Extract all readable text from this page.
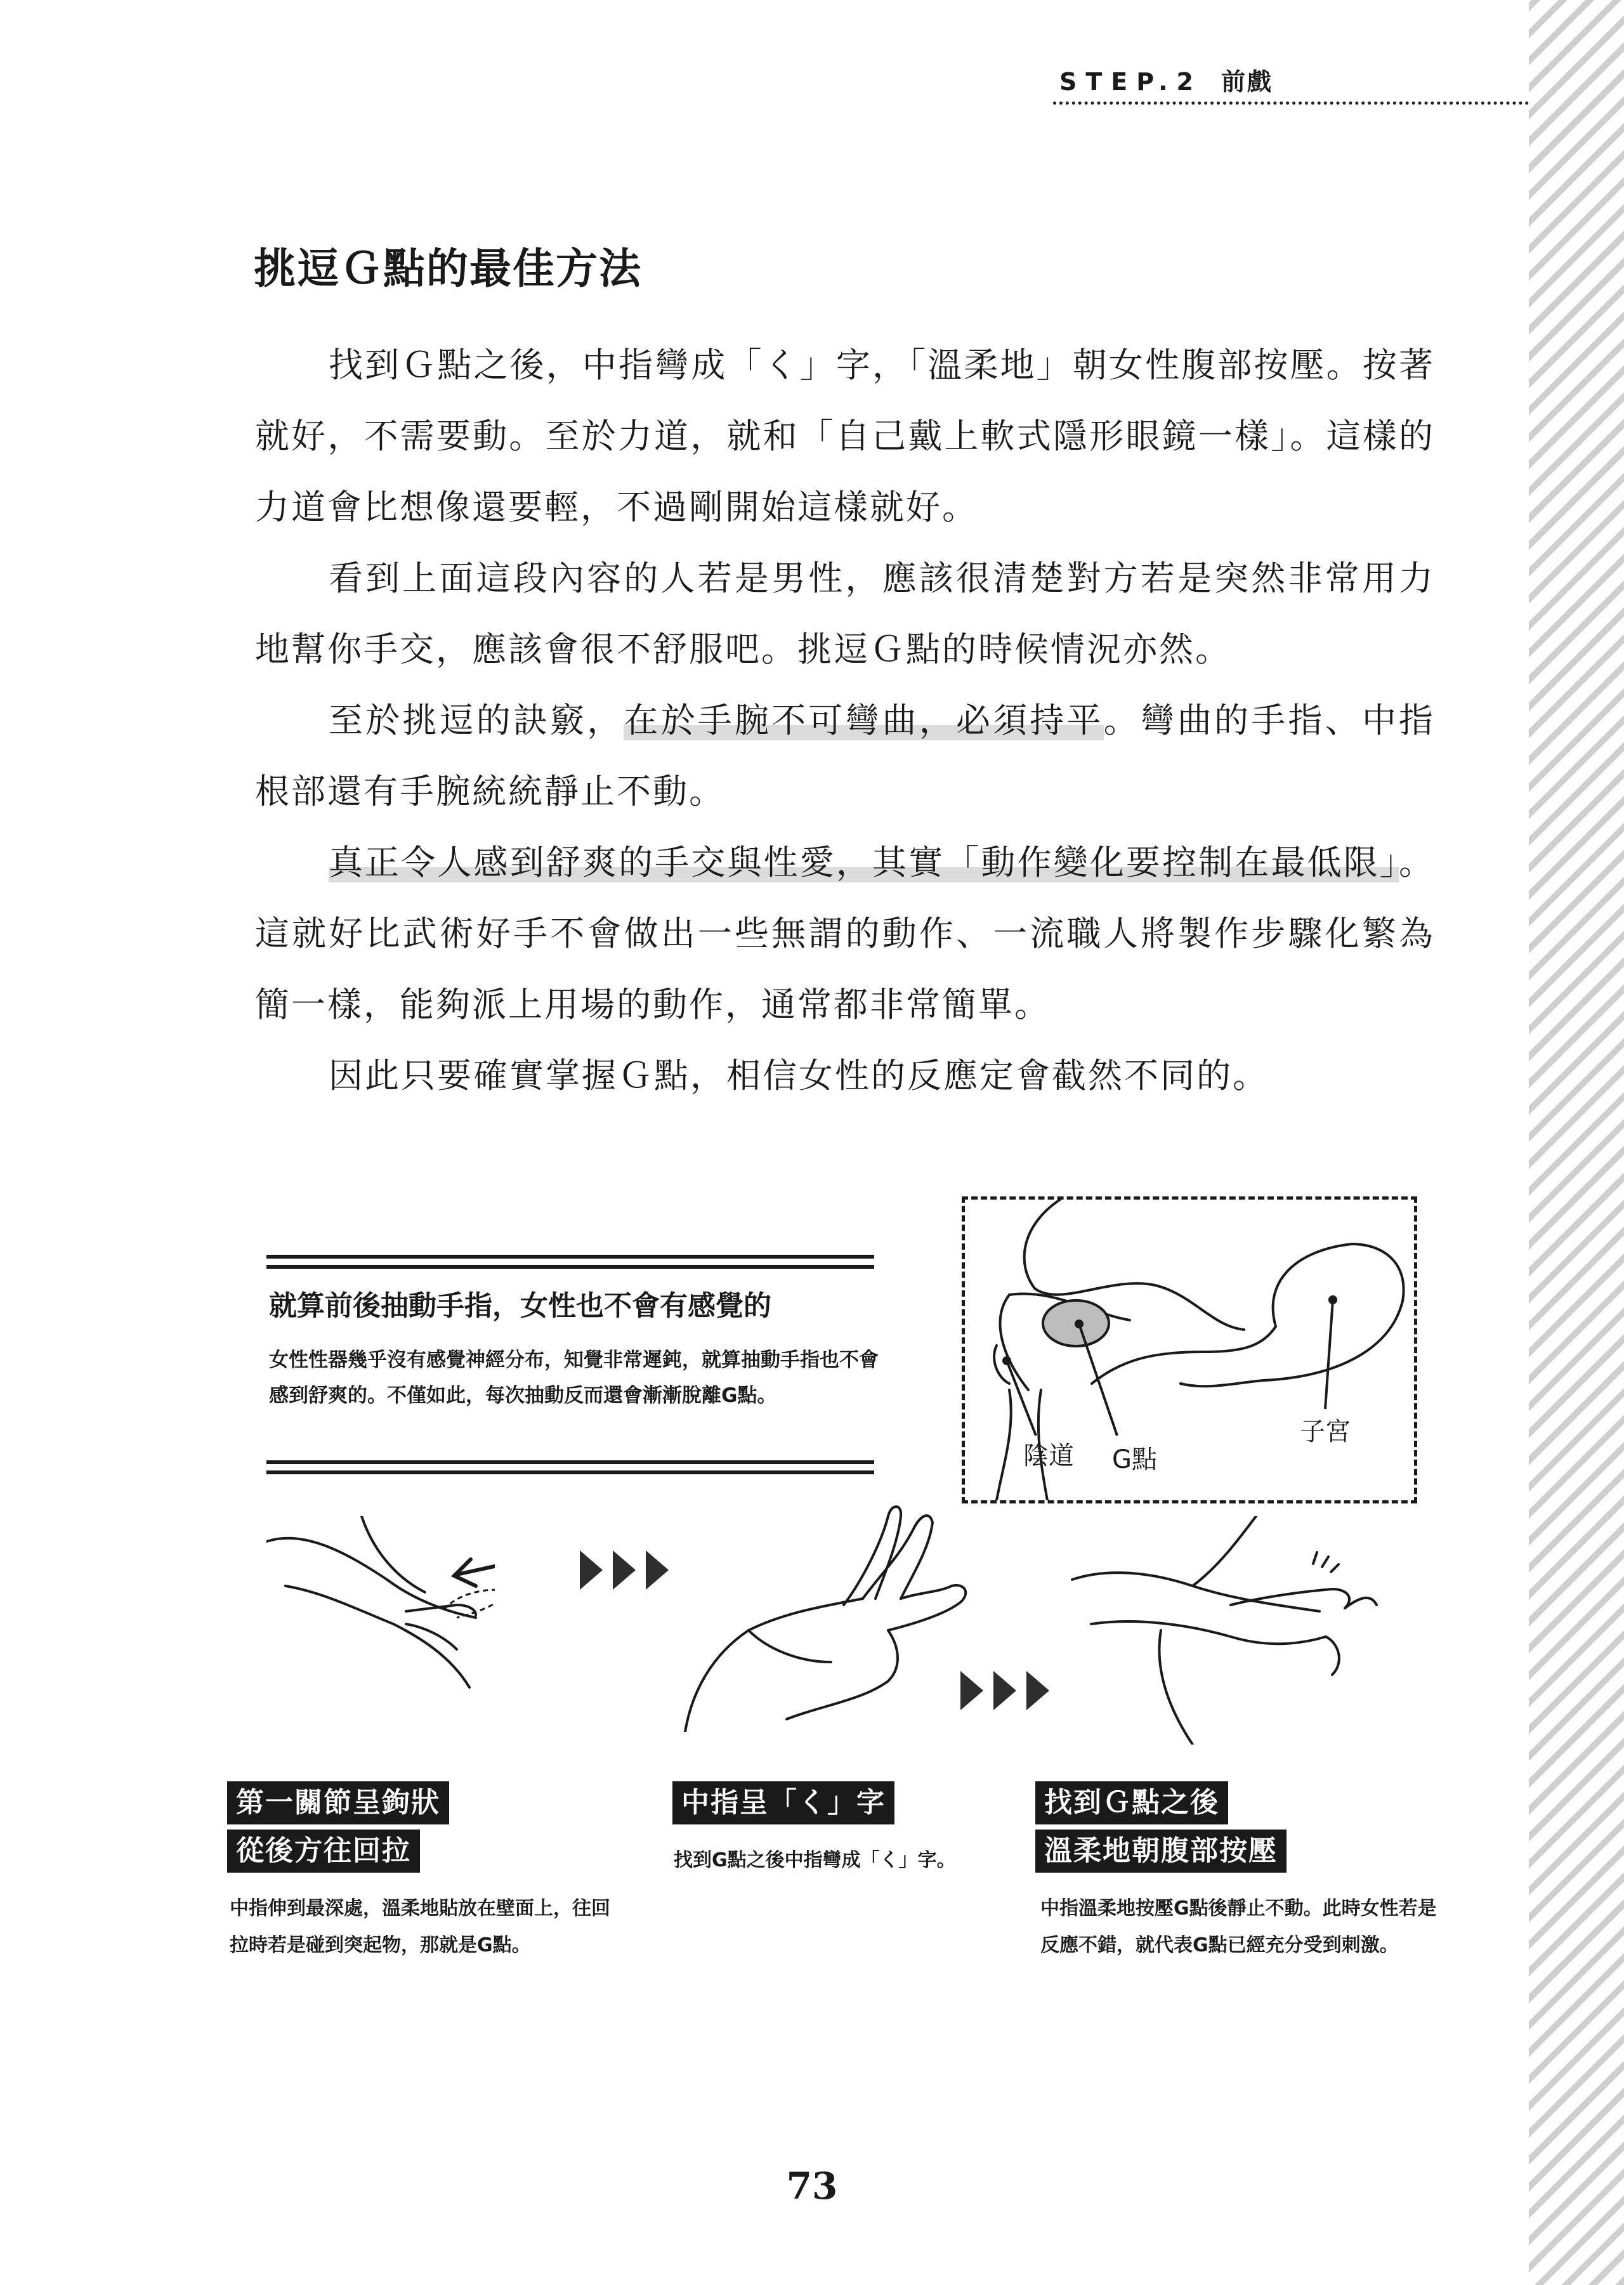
STEP.2 前戲
挑逗Ｇ點的最佳方法

找到Ｇ點之後，中指彎成「く」字，「溫柔地」朝女性腹部按壓。按著就好，不需要動。至於力道，就和「自己戴上軟式隱形眼鏡一樣」。這樣的力道會比想像還要輕，不過剛開始這樣就好。

看到上面這段內容的人若是男性，應該很清楚對方若是突然非常用力地幫你手交，應該會很不舒服吧。挑逗Ｇ點的時候情況亦然。

至於挑逗的訣竅，在於手腕不可彎曲，必須持平。彎曲的手指、中指根部還有手腕統統靜止不動。

真正令人感到舒爽的手交與性愛，其實「動作變化要控制在最低限」。這就好比武術好手不會做出一些無謂的動作、一流職人將製作步驟化繁為簡一樣，能夠派上用場的動作，通常都非常簡單。

因此只要確實掌握Ｇ點，相信女性的反應定會截然不同的。

就算前後抽動手指，女性也不會有感覺的

女性性器幾乎沒有感覺神經分布，知覺非常遲鈍，就算抽動手指也不會感到舒爽的。不僅如此，每次抽動反而還會漸漸脫離G點。

陰道 G點
子宮
第一關節呈鉤狀
從後方往回拉

中指伸到最深處，溫柔地貼放在壁面上，往回拉時若是碰到突起物，那就是G點。

中指呈「く」字

找到G點之後中指彎成「く」字。

找到Ｇ點之後
溫柔地朝腹部按壓

中指溫柔地按壓G點後靜止不動。此時女性若是反應不錯，就代表G點已經充分受到刺激。

73
